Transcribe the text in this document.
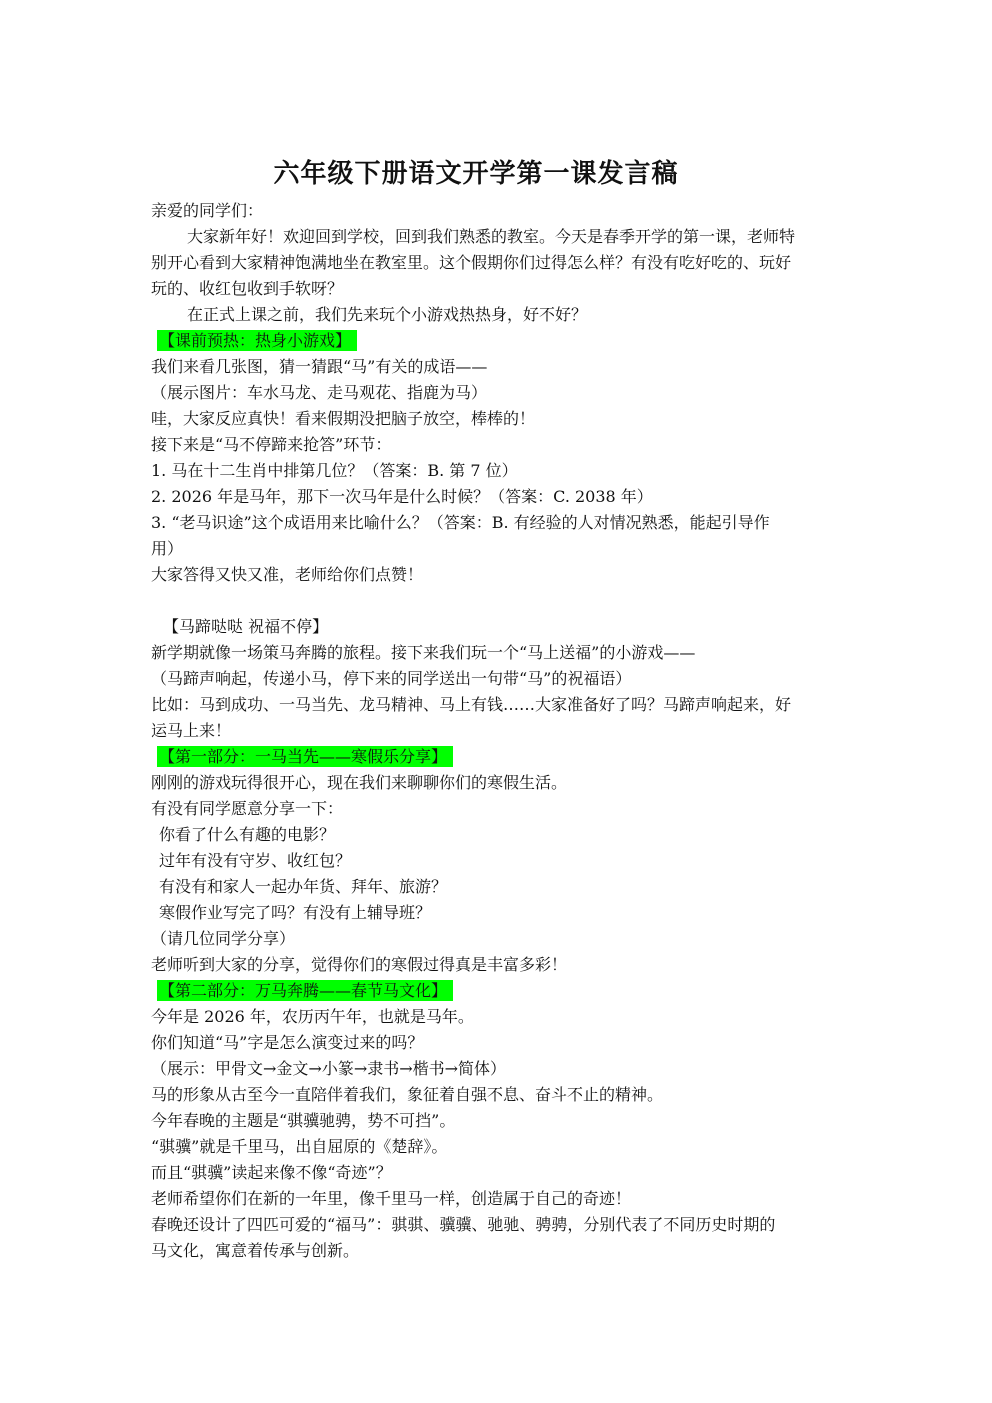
六年级下册语文开学第一课发言稿
亲爱的同学们：
大家新年好！欢迎回到学校，回到我们熟悉的教室。今天是春季开学的第一课，老师特
别开心看到大家精神饱满地坐在教室里。这个假期你们过得怎么样？有没有吃好吃的、玩好
玩的、收红包收到手软呀？
在正式上课之前，我们先来玩个小游戏热热身，好不好？
【课前预热：热身小游戏】
我们来看几张图，猜一猜跟“马”有关的成语——
（展示图片：车水马龙、走马观花、指鹿为马）
哇，大家反应真快！看来假期没把脑子放空，棒棒的！
接下来是“马不停蹄来抢答”环节：
1. 马在十二生肖中排第几位？（答案：B. 第 7 位）
2. 2026 年是马年，那下一次马年是什么时候？（答案：C. 2038 年）
3. “老马识途”这个成语用来比喻什么？（答案：B. 有经验的人对情况熟悉，能起引导作
用）
大家答得又快又准，老师给你们点赞！
【马蹄哒哒 祝福不停】
新学期就像一场策马奔腾的旅程。接下来我们玩一个“马上送福”的小游戏——
（马蹄声响起，传递小马，停下来的同学送出一句带“马”的祝福语）
比如：马到成功、一马当先、龙马精神、马上有钱……大家准备好了吗？马蹄声响起来，好
运马上来！
【第一部分：一马当先——寒假乐分享】
刚刚的游戏玩得很开心，现在我们来聊聊你们的寒假生活。
有没有同学愿意分享一下：
你看了什么有趣的电影？
过年有没有守岁、收红包？
有没有和家人一起办年货、拜年、旅游？
寒假作业写完了吗？有没有上辅导班？
（请几位同学分享）
老师听到大家的分享，觉得你们的寒假过得真是丰富多彩！
【第二部分：万马奔腾——春节马文化】
今年是 2026 年，农历丙午年，也就是马年。
你们知道“马”字是怎么演变过来的吗？
（展示：甲骨文→金文→小篆→隶书→楷书→简体）
马的形象从古至今一直陪伴着我们，象征着自强不息、奋斗不止的精神。
今年春晚的主题是“骐骥驰骋，势不可挡”。
“骐骥”就是千里马，出自屈原的《楚辞》。
而且“骐骥”读起来像不像“奇迹”？
老师希望你们在新的一年里，像千里马一样，创造属于自己的奇迹！
春晚还设计了四匹可爱的“福马”：骐骐、骥骥、驰驰、骋骋，分别代表了不同历史时期的
马文化，寓意着传承与创新。
